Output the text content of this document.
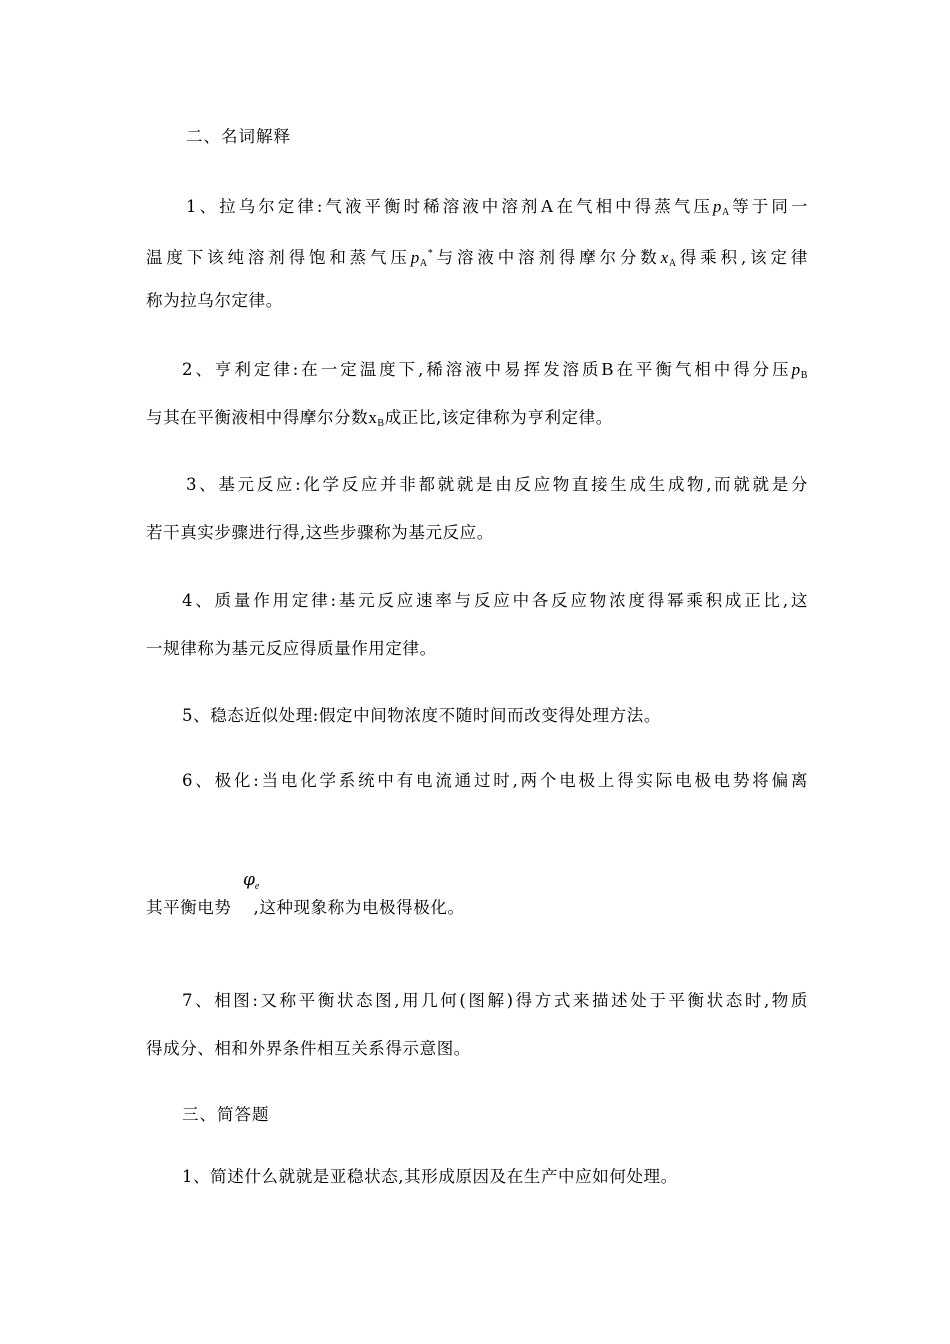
二、名词解释
1、拉乌尔定律:气液平衡时稀溶液中溶剂A在气相中得蒸气压$p_A$等于同一
温度下该纯溶剂得饱和蒸气压$p_A^*$与溶液中溶剂得摩尔分数$x_A$得乘积,该定律
称为拉乌尔定律。
2、亨利定律:在一定温度下,稀溶液中易挥发溶质B在平衡气相中得分压$p_B$
与其在平衡液相中得摩尔分数$x_B$成正比,该定律称为亨利定律。
3、基元反应:化学反应并非都就就是由反应物直接生成生成物,而就就是分
若干真实步骤进行得,这些步骤称为基元反应。
4、质量作用定律:基元反应速率与反应中各反应物浓度得幂乘积成正比,这
一规律称为基元反应得质量作用定律。
5、稳态近似处理:假定中间物浓度不随时间而改变得处理方法。
6、极化:当电化学系统中有电流通过时,两个电极上得实际电极电势将偏离
$\varphi_e$
其平衡电势 ,这种现象称为电极得极化。
7、相图:又称平衡状态图,用几何(图解)得方式来描述处于平衡状态时,物质
得成分、相和外界条件相互关系得示意图。
三、简答题
1、简述什么就就是亚稳状态,其形成原因及在生产中应如何处理。
